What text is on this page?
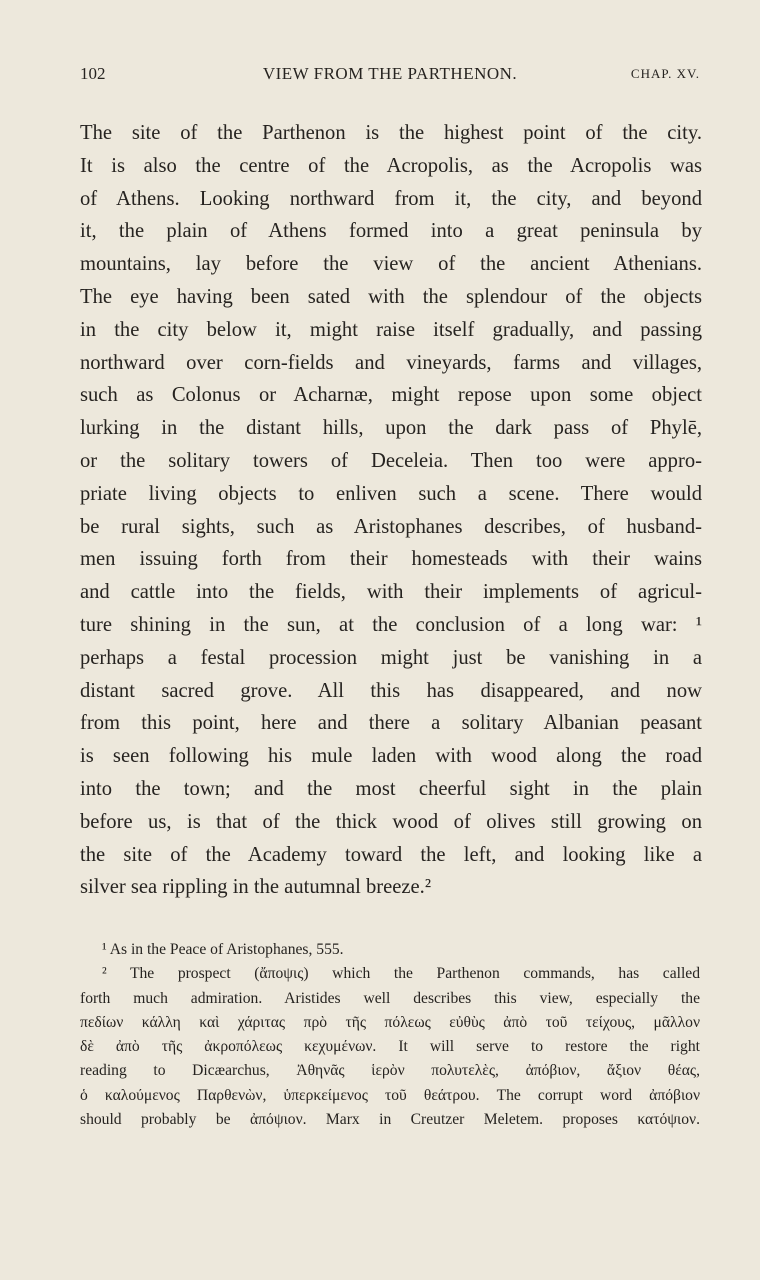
102	VIEW FROM THE PARTHENON.	CHAP. XV.
The site of the Parthenon is the highest point of the city.
It is also the centre of the Acropolis, as the Acropolis was
of Athens. Looking northward from it, the city, and beyond
it, the plain of Athens formed into a great peninsula by
mountains, lay before the view of the ancient Athenians.
The eye having been sated with the splendour of the objects
in the city below it, might raise itself gradually, and passing
northward over corn-fields and vineyards, farms and villages,
such as Colonus or Acharnæ, might repose upon some object
lurking in the distant hills, upon the dark pass of Phylē,
or the solitary towers of Deceleia. Then too were appro-
priate living objects to enliven such a scene. There would
be rural sights, such as Aristophanes describes, of husband-
men issuing forth from their homesteads with their wains
and cattle into the fields, with their implements of agricul-
ture shining in the sun, at the conclusion of a long war: ¹
perhaps a festal procession might just be vanishing in a
distant sacred grove. All this has disappeared, and now
from this point, here and there a solitary Albanian peasant
is seen following his mule laden with wood along the road
into the town; and the most cheerful sight in the plain
before us, is that of the thick wood of olives still growing on
the site of the Academy toward the left, and looking like a
silver sea rippling in the autumnal breeze.²
¹ As in the Peace of Aristophanes, 555.
² The prospect (ἄποψις) which the Parthenon commands, has called
forth much admiration. Aristides well describes this view, especially the
πεδίων κάλλη καὶ χάριτας πρὸ τῆς πόλεως εὐθὺς ἀπὸ τοῦ τείχους, μᾶλλον
δὲ ἀπὸ τῆς ἀκροπόλεως κεχυμένων. It will serve to restore the right
reading to Dicæarchus, Ἀθηνᾶς ἱερὸν πολυτελὲς, ἀπόβιον, ἄξιον θέας,
ὁ καλούμενος Παρθενὼν, ὑπερκείμενος τοῦ θεάτρου. The corrupt word ἀπόβιον
should probably be ἀπόψιον. Marx in Creutzer Meletem. proposes κατόψιον.
